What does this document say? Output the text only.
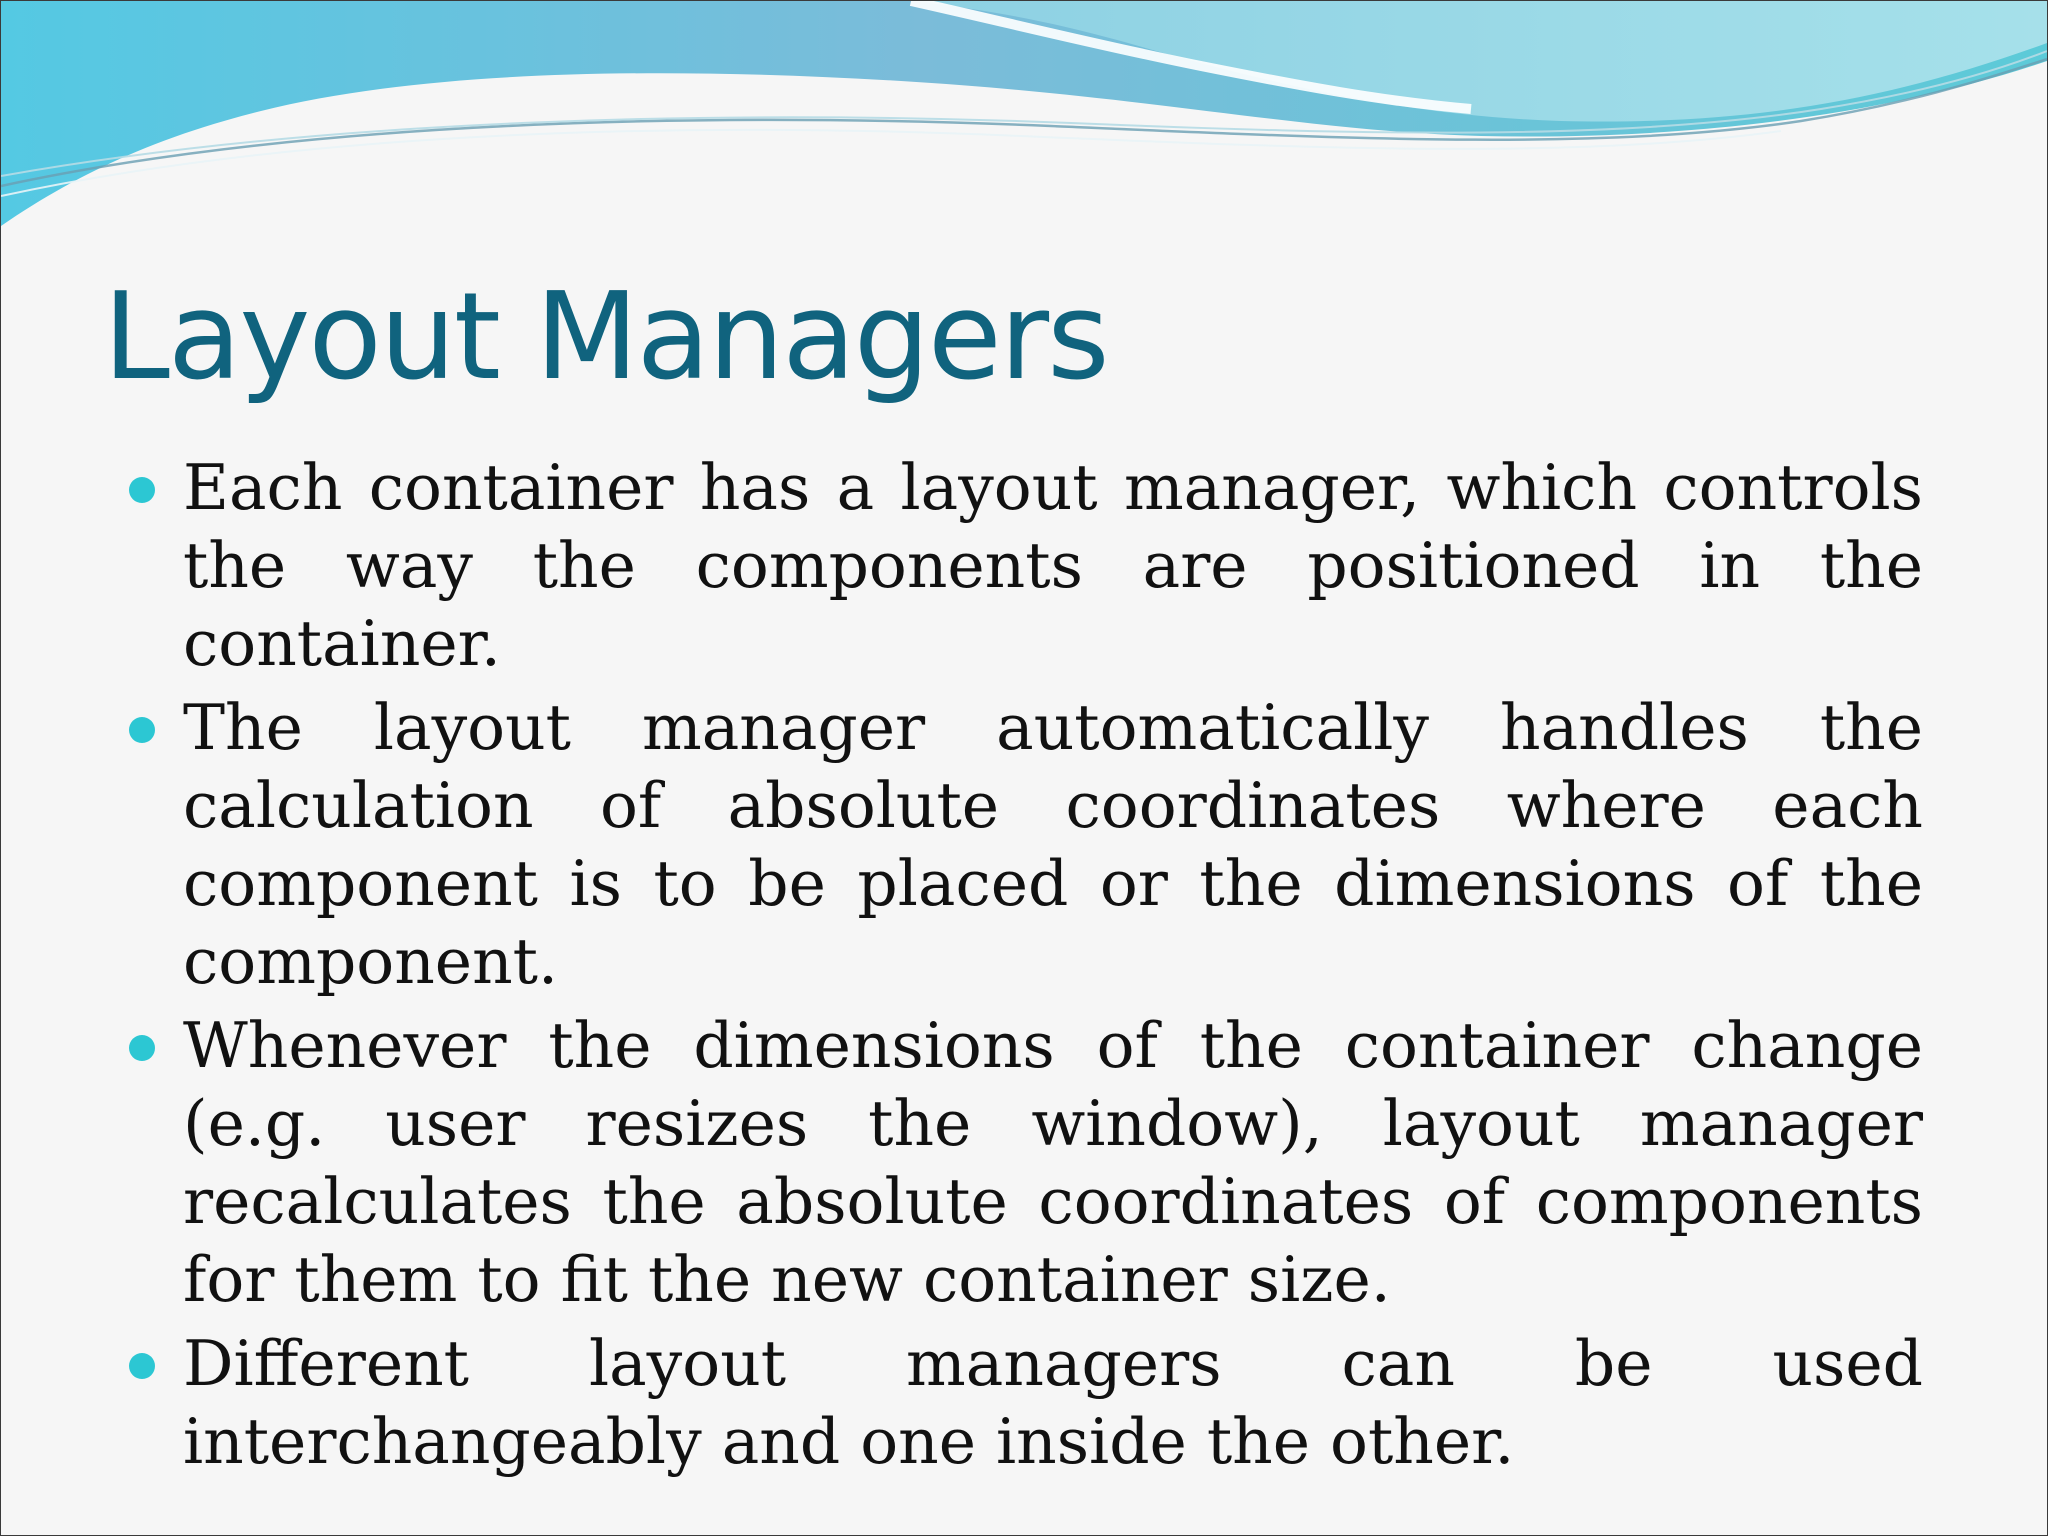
Layout Managers
Each container has a layout manager, which controls the way the components are positioned in the container.
The layout manager automatically handles the calculation of absolute coordinates where each component is to be placed or the dimensions of the component.
Whenever the dimensions of the container change (e.g. user resizes the window), layout manager recalculates the absolute coordinates of components for them to fit the new container size.
Different layout managers can be used interchangeably and one inside the other.
